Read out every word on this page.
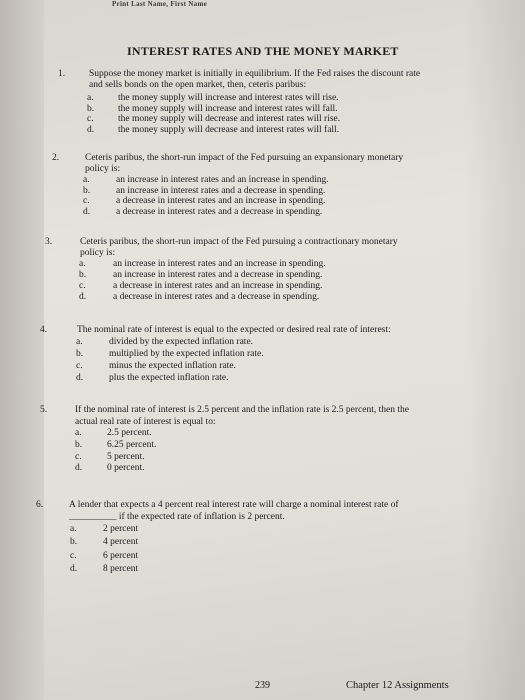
Print Last Name, First Name
INTEREST RATES AND THE MONEY MARKET
1.	Suppose the money market is initially in equilibrium. If the Fed raises the discount rate
and sells bonds on the open market, then, ceteris paribus:
a.	the money supply will increase and interest rates will rise.
b.	the money supply will increase and interest rates will fall.
c.	the money supply will decrease and interest rates will rise.
d.	the money supply will decrease and interest rates will fall.
2.	Ceteris paribus, the short-run impact of the Fed pursuing an expansionary monetary
policy is:
a.	an increase in interest rates and an increase in spending.
b.	an increase in interest rates and a decrease in spending.
c.	a decrease in interest rates and an increase in spending.
d.	a decrease in interest rates and a decrease in spending.
3.	Ceteris paribus, the short-run impact of the Fed pursuing a contractionary monetary
policy is:
a.	an increase in interest rates and an increase in spending.
b.	an increase in interest rates and a decrease in spending.
c.	a decrease in interest rates and an increase in spending.
d.	a decrease in interest rates and a decrease in spending.
4.	The nominal rate of interest is equal to the expected or desired real rate of interest:
a.	divided by the expected inflation rate.
b.	multiplied by the expected inflation rate.
c.	minus the expected inflation rate.
d.	plus the expected inflation rate.
5.	If the nominal rate of interest is 2.5 percent and the inflation rate is 2.5 percent, then the
actual real rate of interest is equal to:
a.	2.5 percent.
b.	6.25 percent.
c.	5 percent.
d.	0 percent.
6.	A lender that expects a 4 percent real interest rate will charge a nominal interest rate of
__________ if the expected rate of inflation is 2 percent.
a.	2 percent
b.	4 percent
c.	6 percent
d.	8 percent
239	Chapter 12 Assignments
